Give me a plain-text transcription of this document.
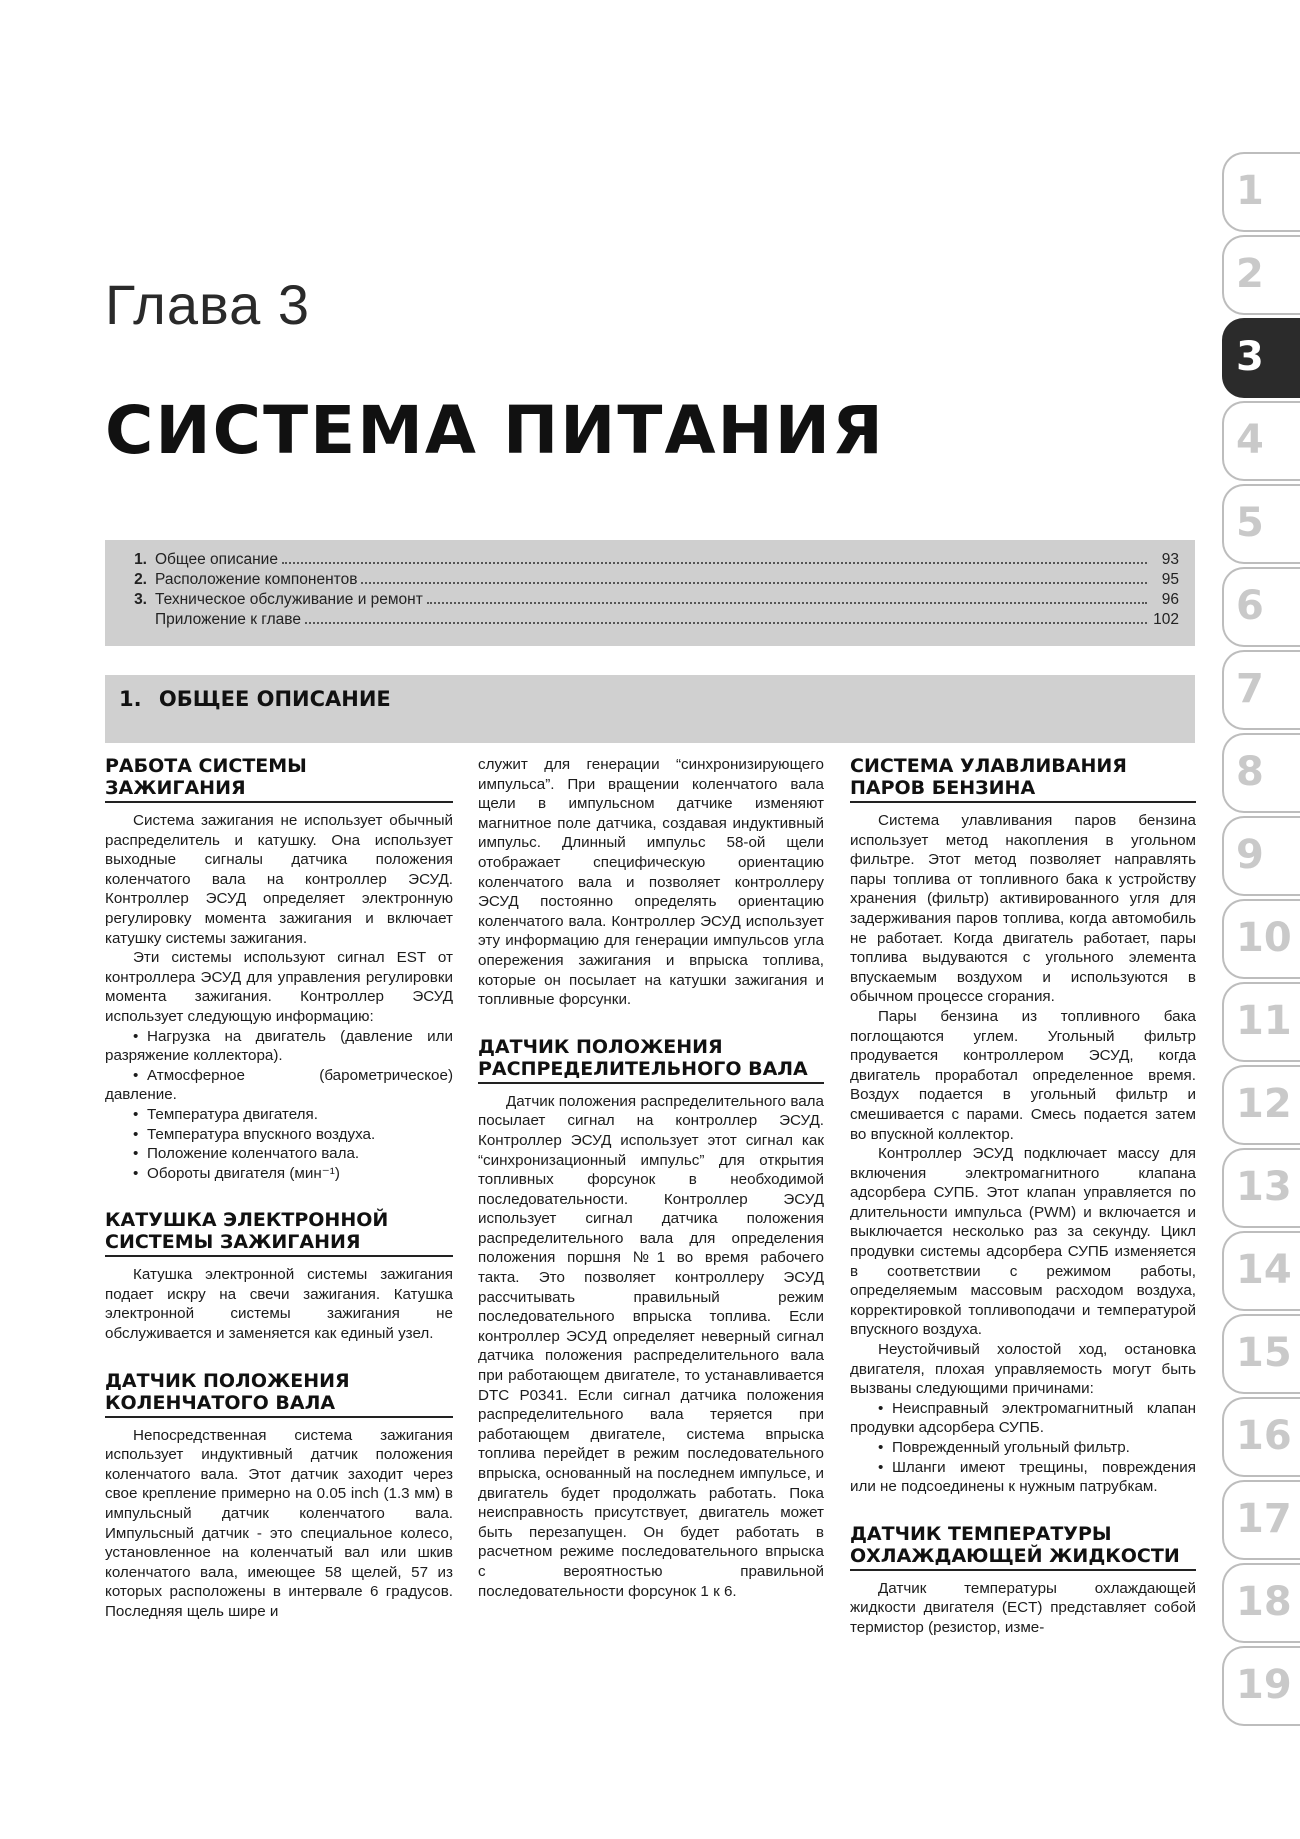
Глава 3
СИСТЕМА ПИТАНИЯ
1. Общее описание	93
2. Расположение компонентов	95
3. Техническое обслуживание и ремонт	96
Приложение к главе	102
1. ОБЩЕЕ ОПИСАНИЕ
РАБОТА СИСТЕМЫ ЗАЖИГАНИЯ

Система зажигания не использует обычный распределитель и катушку. Она использует выходные сигналы датчика положения коленчатого вала на контроллер ЭСУД. Контроллер ЭСУД определяет электронную регулировку момента зажигания и включает катушку системы зажигания.

Эти системы используют сигнал EST от контроллера ЭСУД для управления регулировки момента зажигания. Контроллер ЭСУД использует следующую информацию:

• Нагрузка на двигатель (давление или разряжение коллектора).
• Атмосферное (барометрическое) давление.
• Температура двигателя.
• Температура впускного воздуха.
• Положение коленчатого вала.
• Обороты двигателя (мин⁻¹)
КАТУШКА ЭЛЕКТРОННОЙ СИСТЕМЫ ЗАЖИГАНИЯ

Катушка электронной системы зажигания подает искру на свечи зажигания. Катушка электронной системы зажигания не обслуживается и заменяется как единый узел.

ДАТЧИК ПОЛОЖЕНИЯ КОЛЕНЧАТОГО ВАЛА

Непосредственная система зажигания использует индуктивный датчик положения коленчатого вала. Этот датчик заходит через свое крепление примерно на 0.05 inch (1.3 мм) в импульсный датчик коленчатого вала. Импульсный датчик - это специальное колесо, установленное на коленчатый вал или шкив коленчатого вала, имеющее 58 щелей, 57 из которых расположены в интервале 6 градусов. Последняя щель шире и

служит для генерации “синхронизирующего импульса”. При вращении коленчатого вала щели в импульсном датчике изменяют магнитное поле датчика, создавая индуктивный импульс. Длинный импульс 58-ой щели отображает специфическую ориентацию коленчатого вала и позволяет контроллеру ЭСУД постоянно определять ориентацию коленчатого вала. Контроллер ЭСУД использует эту информацию для генерации импульсов угла опережения зажигания и впрыска топлива, которые он посылает на катушки зажигания и топливные форсунки.

ДАТЧИК ПОЛОЖЕНИЯ РАСПРЕДЕЛИТЕЛЬНОГО ВАЛА

Датчик положения распределительного вала посылает сигнал на контроллер ЭСУД. Контроллер ЭСУД использует этот сигнал как “синхронизационный импульс” для открытия топливных форсунок в необходимой последовательности. Контроллер ЭСУД использует сигнал датчика положения распределительного вала для определения положения поршня №1 во время рабочего такта. Это позволяет контроллеру ЭСУД рассчитывать правильный режим последовательного впрыска топлива. Если контроллер ЭСУД определяет неверный сигнал датчика положения распределительного вала при работающем двигателе, то устанавливается DTC P0341. Если сигнал датчика положения распределительного вала теряется при работающем двигателе, система впрыска топлива перейдет в режим последовательного впрыска, основанный на последнем импульсе, и двигатель будет продолжать работать. Пока неисправность присутствует, двигатель может быть перезапущен. Он будет работать в расчетном режиме последовательного впрыска с вероятностью правильной последовательности форсунок 1 к 6.

СИСТЕМА УЛАВЛИВАНИЯ ПАРОВ БЕНЗИНА

Система улавливания паров бензина использует метод накопления в угольном фильтре. Этот метод позволяет направлять пары топлива от топливного бака к устройству хранения (фильтр) активированного угля для задерживания паров топлива, когда автомобиль не работает. Когда двигатель работает, пары топлива выдуваются с угольного элемента впускаемым воздухом и используются в обычном процессе сгорания.

Пары бензина из топливного бака поглощаются углем. Угольный фильтр продувается контроллером ЭСУД, когда двигатель проработал определенное время. Воздух подается в угольный фильтр и смешивается с парами. Смесь подается затем во впускной коллектор.

Контроллер ЭСУД подключает массу для включения электромагнитного клапана адсорбера СУПБ. Этот клапан управляется по длительности импульса (PWM) и включается и выключается несколько раз за секунду. Цикл продувки системы адсорбера СУПБ изменяется в соответствии с режимом работы, определяемым массовым расходом воздуха, корректировкой топливоподачи и температурой впускного воздуха.

Неустойчивый холостой ход, остановка двигателя, плохая управляемость могут быть вызваны следующими причинами:

• Неисправный электромагнитный клапан продувки адсорбера СУПБ.
• Поврежденный угольный фильтр.
• Шланги имеют трещины, повреждения или не подсоединены к нужным патрубкам.
ДАТЧИК ТЕМПЕРАТУРЫ ОХЛАЖДАЮЩЕЙ ЖИДКОСТИ

Датчик температуры охлаждающей жидкости двигателя (ECT) представляет собой термистор (резистор, изме-

1
2
3
4
5
6
7
8
9
10
11
12
13
14
15
16
17
18
19
